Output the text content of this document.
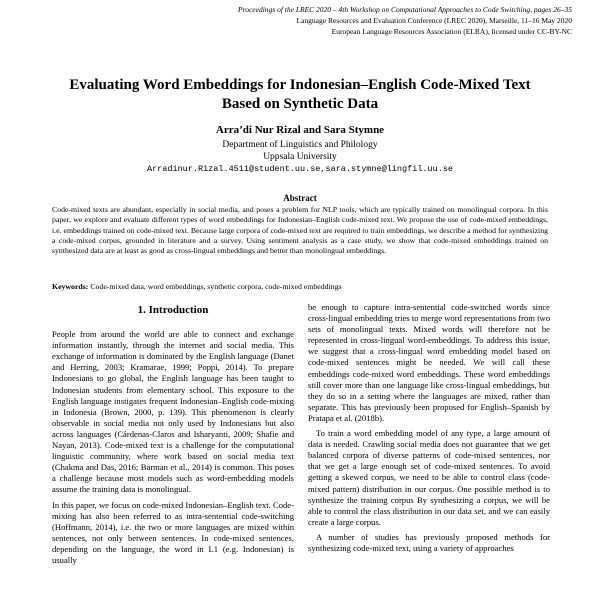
Proceedings of the LREC 2020 – 4th Workshop on Computational Approaches to Code Switching, pages 26–35
Language Resources and Evaluation Conference (LREC 2020), Marseille, 11–16 May 2020
European Language Resources Association (ELRA), licensed under CC-BY-NC
Evaluating Word Embeddings for Indonesian–English Code-Mixed Text Based on Synthetic Data
Arra’di Nur Rizal and Sara Stymne
Department of Linguistics and Philology
Uppsala University
Arradinur.Rizal.4511@student.uu.se,sara.stymne@lingfil.uu.se
Abstract
Code-mixed texts are abundant, especially in social media, and poses a problem for NLP tools, which are typically trained on monolingual corpora. In this paper, we explore and evaluate different types of word embeddings for Indonesian–English code-mixed text. We propose the use of code-mixed embeddings, i.e. embeddings trained on code-mixed text. Because large corpora of code-mixed text are required to train embeddings, we describe a method for synthesizing a code-mixed corpus, grounded in literature and a survey. Using sentiment analysis as a case study, we show that code-mixed embeddings trained on synthesized data are at least as good as cross-lingual embeddings and better than monolingual embeddings.
Keywords: Code-mixed data, word embeddings, synthetic corpora, code-mixed embeddings
1. Introduction

People from around the world are able to connect and exchange information instantly, through the internet and social media. This exchange of information is dominated by the English language (Danet and Herring, 2003; Kramarae, 1999; Poppi, 2014). To prepare Indonesians to go global, the English language has been taught to Indonesian students from elementary school. This exposure to the English language instigates frequent Indonesian–English code-mixing in Indonesia (Brown, 2000, p. 139). This phenomenon is clearly observable in social media not only used by Indonesians but also across languages (Cárdenas-Claros and Isharyanti, 2009; Shafie and Nayan, 2013). Code-mixed text is a challenge for the computational linguistic community, where work based on social media text (Chakma and Das, 2016; Barman et al., 2014) is common. This poses a challenge because most models such as word-embedding models assume the training data is monolingual.

In this paper, we focus on code-mixed Indonesian–English text. Code-mixing has also been referred to as intra-sentential code-switching (Hoffmann, 2014), i.e. the two or more languages are mixed within sentences, not only between sentences. In code-mixed sentences, depending on the language, the word in L1 (e.g. Indonesian) is usually

be enough to capture intra-sentential code-switched words since cross-lingual embedding tries to merge word representations from two sets of monolingual texts. Mixed words will therefore not be represented in cross-lingual word-embeddings. To address this issue, we suggest that a cross-lingual word embedding model based on code-mixed sentences might be needed. We will call these embeddings code-mixed word embeddings. These word embeddings still cover more than one language like cross-lingual embeddings, but they do so in a setting where the languages are mixed, rather than separate. This has previously been proposed for English–Spanish by Pratapa et al. (2018b).

To train a word embedding model of any type, a large amount of data is needed. Crawling social media does not guarantee that we get balanced corpora of diverse patterns of code-mixed sentences, nor that we get a large enough set of code-mixed sentences. To avoid getting a skewed corpus, we need to be able to control class (code-mixed pattern) distribution in our corpus. One possible method is to synthesize the training corpus By synthesizing a corpus, we will be able to control the class distribution in our data set, and we can easily create a large corpus.

A number of studies has previously proposed methods for synthesizing code-mixed text, using a variety of approaches
